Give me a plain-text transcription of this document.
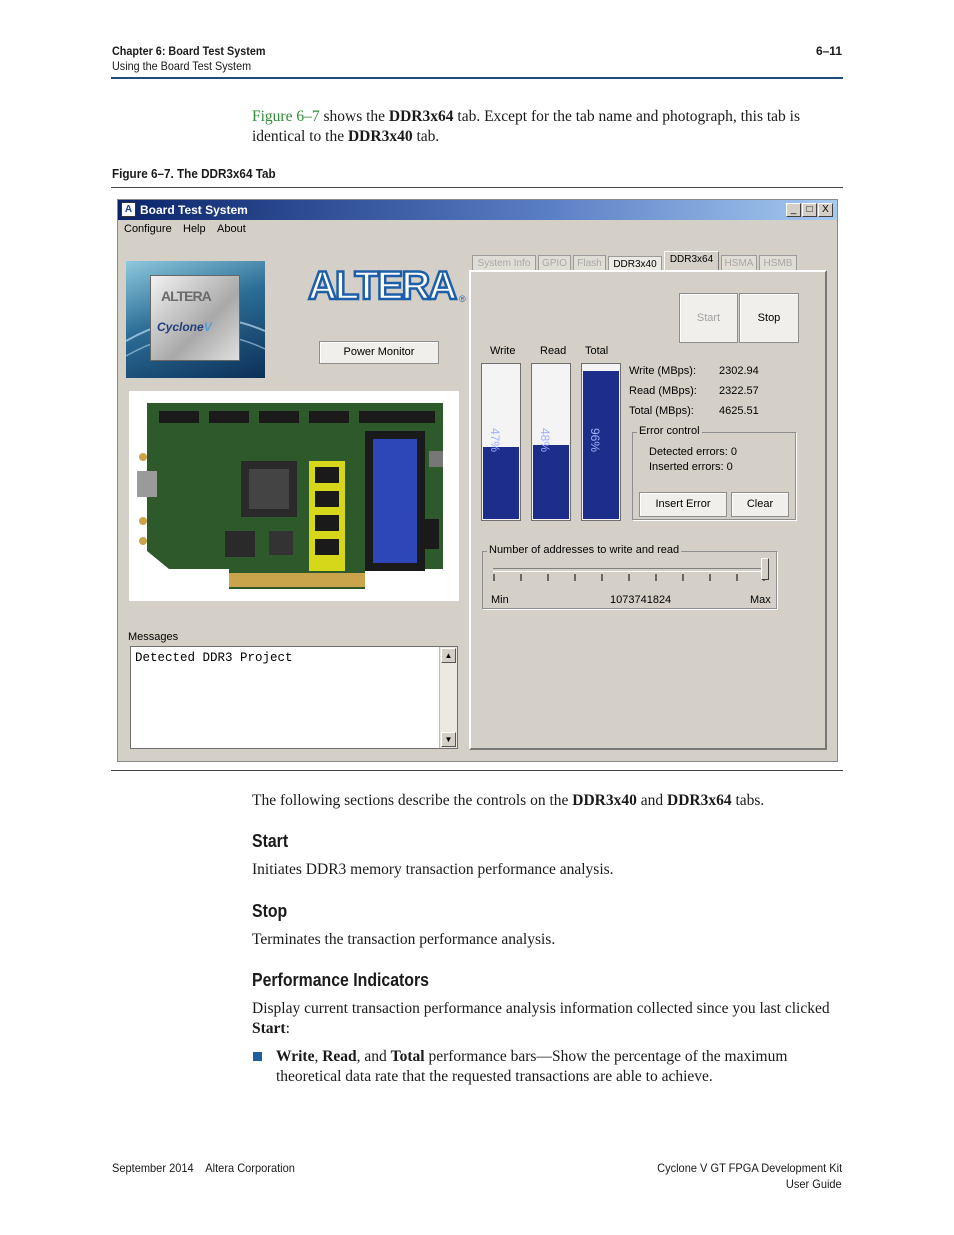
Chapter 6: Board Test System
Using the Board Test System
6–11
Figure 6–7 shows the DDR3x64 tab. Except for the tab name and photograph, this tab is identical to the DDR3x40 tab.
Figure 6–7. The DDR3x64 Tab
A Board Test System	_	□ X
Configure Help About
ALTERA
CycloneV
ALTERA ®
Power Monitor
Messages
Detected DDR3 Project	▲
▼
System Info	GPIO	Flash	DDR3x40	DDR3x64	HSMA	HSMB
Start	Stop
Write Read Total
47%	48%	96%
Write (MBps): 2302.94
Read (MBps): 2322.57
Total (MBps): 4625.51
Error control
Detected errors: 0
Inserted errors: 0
Insert Error	Clear
Number of addresses to write and read
Min	1073741824	Max
The following sections describe the controls on the DDR3x40 and DDR3x64 tabs.
Start
Initiates DDR3 memory transaction performance analysis.
Stop
Terminates the transaction performance analysis.
Performance Indicators
Display current transaction performance analysis information collected since you last clicked Start:
Write, Read, and Total performance bars—Show the percentage of the maximum theoretical data rate that the requested transactions are able to achieve.
September 2014    Altera Corporation	Cyclone V GT FPGA Development Kit
User Guide
